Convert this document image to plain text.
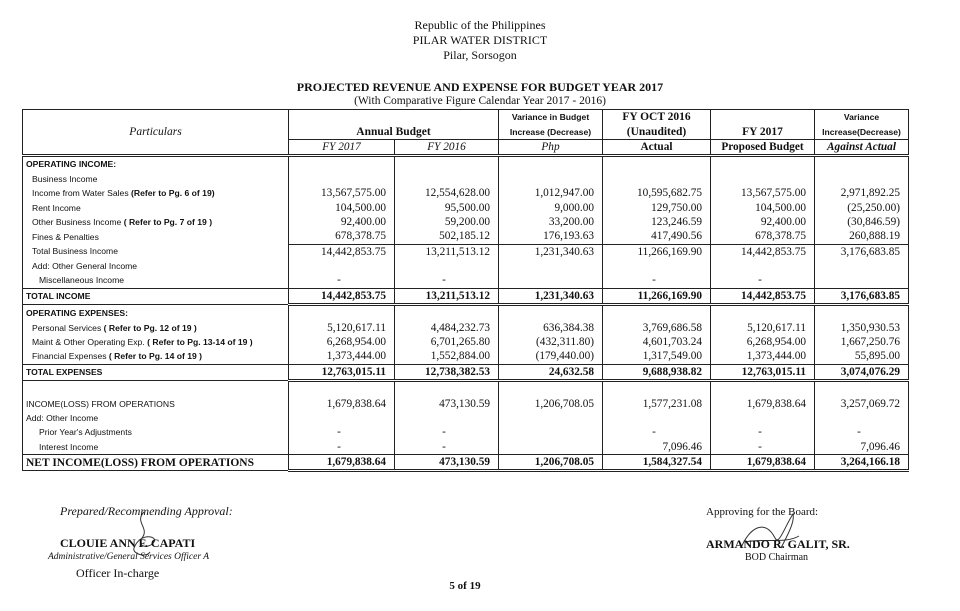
Republic of the Philippines
PILAR WATER DISTRICT
Pilar, Sorsogon
PROJECTED REVENUE AND EXPENSE FOR BUDGET YEAR 2017
(With Comparative Figure Calendar Year 2017 - 2016)
			Variance in Budget	FY OCT 2016		Variance
Particulars	Annual Budget		Increase (Decrease)	(Unaudited)	FY 2017	Increase(Decrease)
	FY 2017	FY 2016	Php	Actual	Proposed Budget	Against Actual
OPERATING INCOME:						
Business Income						
Income from Water Sales (Refer to Pg. 6 of 19)	13,567,575.00	12,554,628.00	1,012,947.00	10,595,682.75	13,567,575.00	2,971,892.25
Rent Income	104,500.00	95,500.00	9,000.00	129,750.00	104,500.00	(25,250.00)
Other Business Income ( Refer to Pg. 7 of 19 )	92,400.00	59,200.00	33,200.00	123,246.59	92,400.00	(30,846.59)
Fines & Penalties	678,378.75	502,185.12	176,193.63	417,490.56	678,378.75	260,888.19
Total Business Income	14,442,853.75	13,211,513.12	1,231,340.63	11,266,169.90	14,442,853.75	3,176,683.85
Add: Other General Income						
Miscellaneous Income	-	-		-	-	
TOTAL INCOME	14,442,853.75	13,211,513.12	1,231,340.63	11,266,169.90	14,442,853.75	3,176,683.85
OPERATING EXPENSES:						
Personal Services ( Refer to Pg. 12 of 19 )	5,120,617.11	4,484,232.73	636,384.38	3,769,686.58	5,120,617.11	1,350,930.53
Maint & Other Operating Exp. ( Refer to Pg. 13-14 of 19 )	6,268,954.00	6,701,265.80	(432,311.80)	4,601,703.24	6,268,954.00	1,667,250.76
Financial Expenses ( Refer to Pg. 14 of 19 )	1,373,444.00	1,552,884.00	(179,440.00)	1,317,549.00	1,373,444.00	55,895.00
TOTAL EXPENSES	12,763,015.11	12,738,382.53	24,632.58	9,688,938.82	12,763,015.11	3,074,076.29

INCOME(LOSS) FROM OPERATIONS	1,679,838.64	473,130.59	1,206,708.05	1,577,231.08	1,679,838.64	3,257,069.72
Add: Other Income						
Prior Year's Adjustments	-	-		-	-	-
Interest Income	-	-		7,096.46	-	7,096.46
NET INCOME(LOSS) FROM OPERATIONS	1,679,838.64	473,130.59	1,206,708.05	1,584,327.54	1,679,838.64	3,264,166.18
Prepared/Recommending Approval:
CLOUIE ANN F. CAPATI
Administrative/General Services Officer A
Officer In-charge
Approving for the Board:
ARMANDO R. GALIT, SR.
BOD Chairman
5 of 19
